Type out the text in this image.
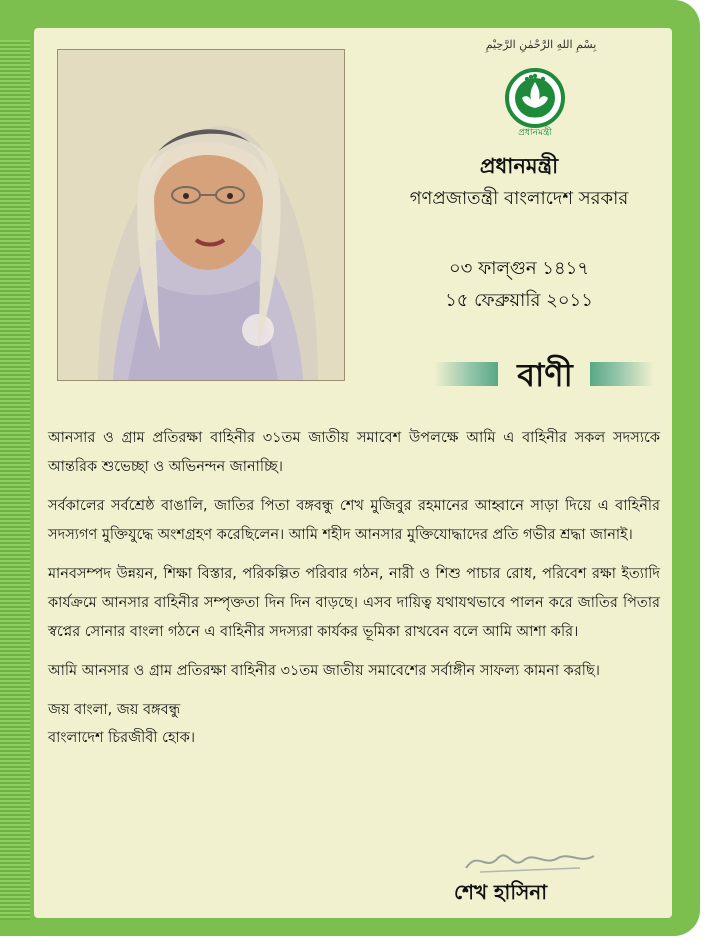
بِسْمِ اللهِ الرَّحْمٰنِ الرَّحِيْمِ
প্রধানমন্ত্রী
প্রধানমন্ত্রী
গণপ্রজাতন্ত্রী বাংলাদেশ সরকার
০৩ ফাল্গুন ১৪১৭
১৫ ফেব্রুয়ারি ২০১১
বাণী

আনসার ও গ্রাম প্রতিরক্ষা বাহিনীর ৩১তম জাতীয় সমাবেশ উপলক্ষে আমি এ বাহিনীর সকল সদস্যকে আন্তরিক শুভেচ্ছা ও অভিনন্দন জানাচ্ছি।

সর্বকালের সর্বশ্রেষ্ঠ বাঙালি, জাতির পিতা বঙ্গবন্ধু শেখ মুজিবুর রহমানের আহ্বানে সাড়া দিয়ে এ বাহিনীর সদস্যগণ মুক্তিযুদ্ধে অংশগ্রহণ করেছিলেন। আমি শহীদ আনসার মুক্তিযোদ্ধাদের প্রতি গভীর শ্রদ্ধা জানাই।

মানবসম্পদ উন্নয়ন, শিক্ষা বিস্তার, পরিকল্পিত পরিবার গঠন, নারী ও শিশু পাচার রোধ, পরিবেশ রক্ষা ইত্যাদি কার্যক্রমে আনসার বাহিনীর সম্পৃক্ততা দিন দিন বাড়ছে। এসব দায়িত্ব যথাযথভাবে পালন করে জাতির পিতার স্বপ্নের সোনার বাংলা গঠনে এ বাহিনীর সদস্যরা কার্যকর ভূমিকা রাখবেন বলে আমি আশা করি।

আমি আনসার ও গ্রাম প্রতিরক্ষা বাহিনীর ৩১তম জাতীয় সমাবেশের সর্বাঙ্গীন সাফল্য কামনা করছি।

জয় বাংলা, জয় বঙ্গবন্ধু
বাংলাদেশ চিরজীবী হোক।
শেখ হাসিনা
